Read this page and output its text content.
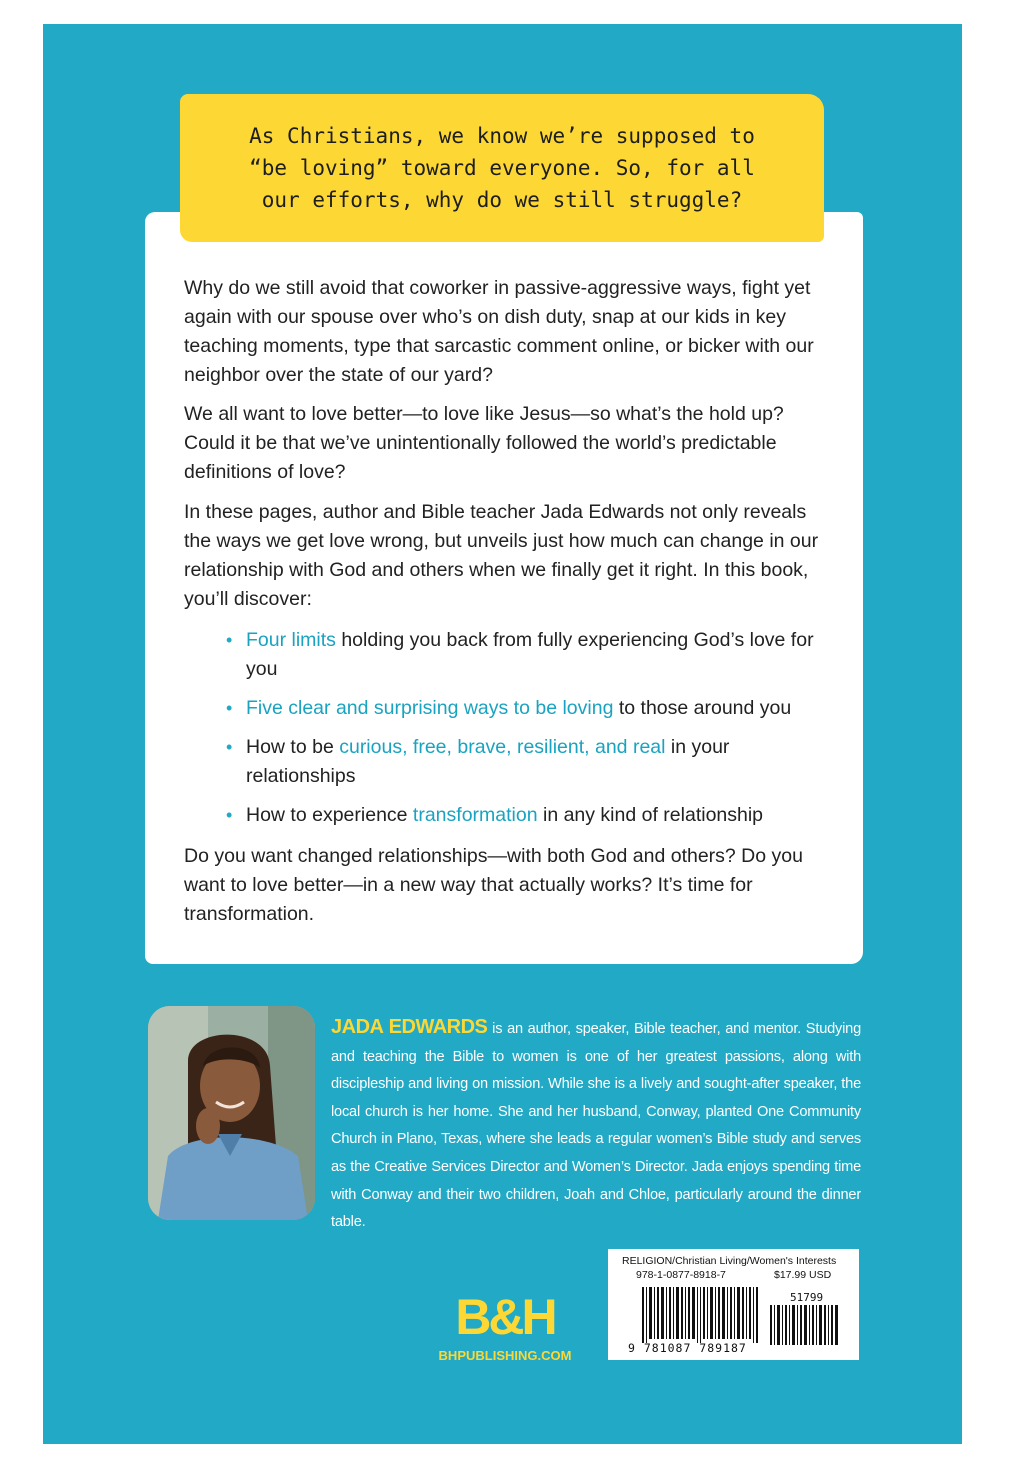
As Christians, we know we’re supposed to
“be loving” toward everyone. So, for all
our efforts, why do we still struggle?

Why do we still avoid that coworker in passive-aggressive ways, fight yet again with our spouse over who’s on dish duty, snap at our kids in key teaching moments, type that sarcastic comment online, or bicker with our neighbor over the state of our yard?

We all want to love better—to love like Jesus—so what’s the hold up? Could it be that we’ve unintentionally followed the world’s predictable definitions of love?

In these pages, author and Bible teacher Jada Edwards not only reveals the ways we get love wrong, but unveils just how much can change in our relationship with God and others when we finally get it right. In this book, you’ll discover:

• Four limits holding you back from fully experiencing God’s love for you
• Five clear and surprising ways to be loving to those around you
• How to be curious, free, brave, resilient, and real in your relationships
• How to experience transformation in any kind of relationship

Do you want changed relationships—with both God and others? Do you want to love better—in a new way that actually works? It’s time for transformation.

JADA EDWARDS is an author, speaker, Bible teacher, and mentor. Studying and teaching the Bible to women is one of her greatest passions, along with discipleship and living on mission. While she is a lively and sought-after speaker, the local church is her home. She and her husband, Conway, planted One Community Church in Plano, Texas, where she leads a regular women’s Bible study and serves as the Creative Services Director and Women’s Director. Jada enjoys spending time with Conway and their two children, Joah and Chloe, particularly around the dinner table.

B&H
BHPUBLISHING.COM
RELIGION/Christian Living/Women's Interests
978-1-0877-8918-7	$17.99 USD
51799
9 781087 789187
